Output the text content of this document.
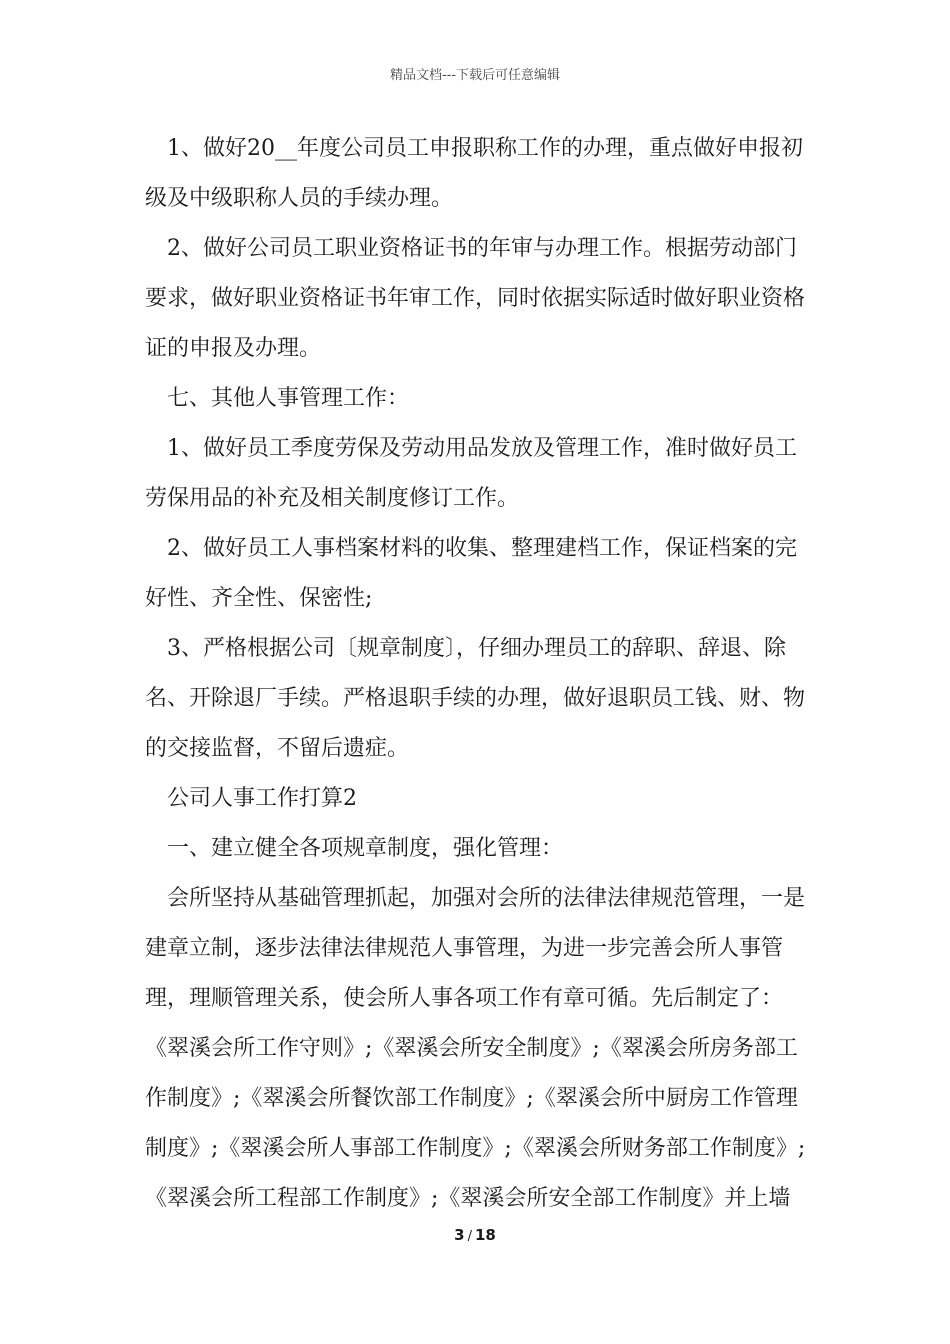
精品文档---下载后可任意编辑

1、做好20__年度公司员工申报职称工作的办理，重点做好申报初级及中级职称人员的手续办理。

2、做好公司员工职业资格证书的年审与办理工作。根据劳动部门要求，做好职业资格证书年审工作，同时依据实际适时做好职业资格证的申报及办理。

七、其他人事管理工作：

1、做好员工季度劳保及劳动用品发放及管理工作，准时做好员工劳保用品的补充及相关制度修订工作。

2、做好员工人事档案材料的收集、整理建档工作，保证档案的完好性、齐全性、保密性;

3、严格根据公司〔规章制度〕，仔细办理员工的辞职、辞退、除名、开除退厂手续。严格退职手续的办理，做好退职员工钱、财、物的交接监督，不留后遗症。

公司人事工作打算2

一、建立健全各项规章制度，强化管理：

会所坚持从基础管理抓起，加强对会所的法律法律规范管理，一是建章立制，逐步法律法律规范人事管理，为进一步完善会所人事管理，理顺管理关系，使会所人事各项工作有章可循。先后制定了：《翠溪会所工作守则》;《翠溪会所安全制度》;《翠溪会所房务部工作制度》;《翠溪会所餐饮部工作制度》;《翠溪会所中厨房工作管理制度》;《翠溪会所人事部工作制度》;《翠溪会所财务部工作制度》;《翠溪会所工程部工作制度》;《翠溪会所安全部工作制度》并上墙

3 / 18
